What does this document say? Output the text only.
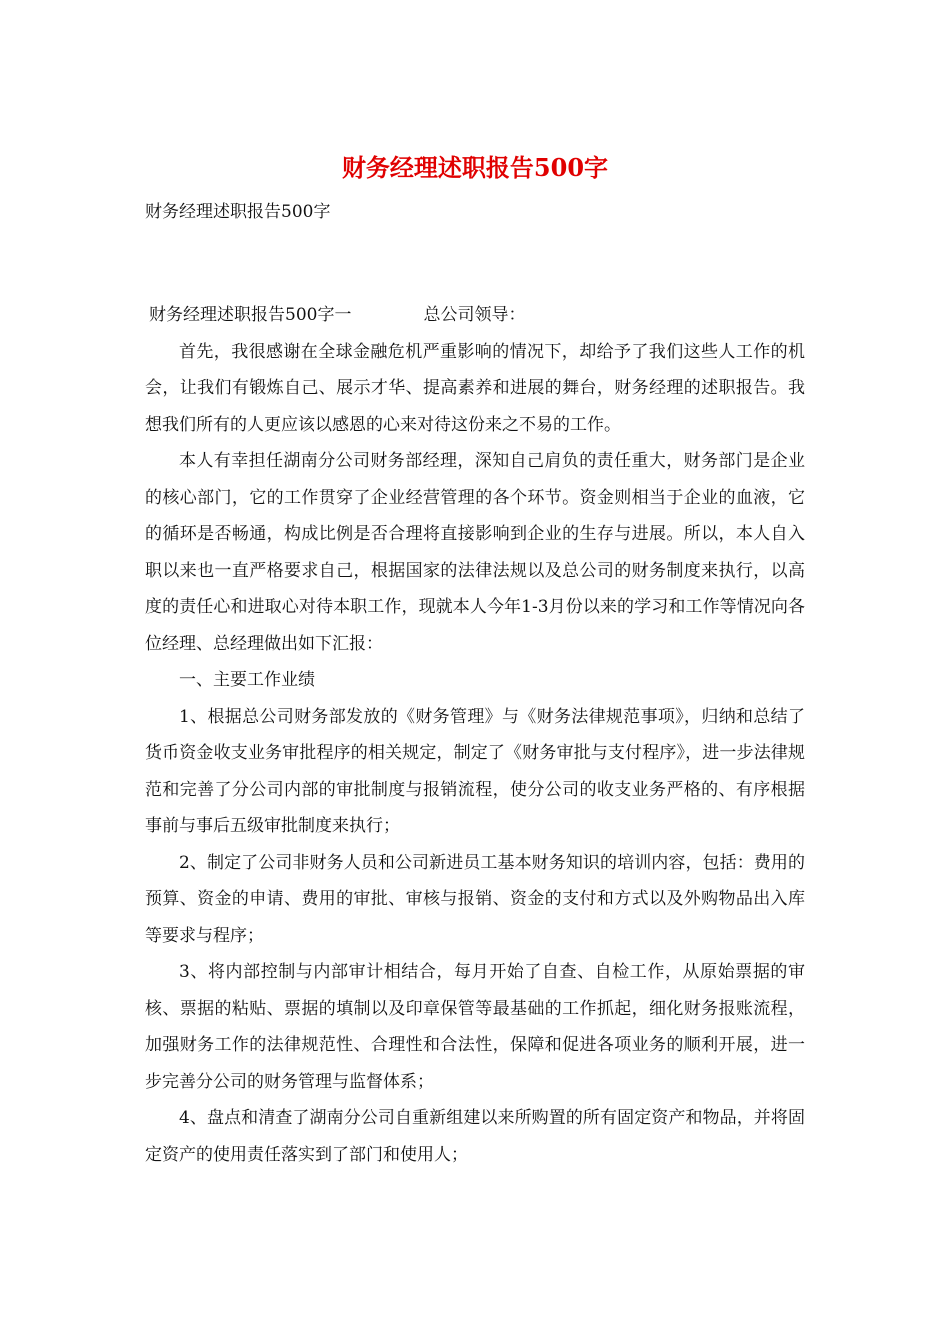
财务经理述职报告500字

财务经理述职报告500字

财务经理述职报告500字一	总公司领导：

首先，我很感谢在全球金融危机严重影响的情况下，却给予了我们这些人工作的机会，让我们有锻炼自己、展示才华、提高素养和进展的舞台，财务经理的述职报告。我想我们所有的人更应该以感恩的心来对待这份来之不易的工作。

本人有幸担任湖南分公司财务部经理，深知自己肩负的责任重大，财务部门是企业的核心部门，它的工作贯穿了企业经营管理的各个环节。资金则相当于企业的血液，它的循环是否畅通，构成比例是否合理将直接影响到企业的生存与进展。所以，本人自入职以来也一直严格要求自己，根据国家的法律法规以及总公司的财务制度来执行，以高度的责任心和进取心对待本职工作，现就本人今年1-3月份以来的学习和工作等情况向各位经理、总经理做出如下汇报：

一、主要工作业绩

1、根据总公司财务部发放的《财务管理》与《财务法律规范事项》，归纳和总结了货币资金收支业务审批程序的相关规定，制定了《财务审批与支付程序》，进一步法律规范和完善了分公司内部的审批制度与报销流程，使分公司的收支业务严格的、有序根据事前与事后五级审批制度来执行；

2、制定了公司非财务人员和公司新进员工基本财务知识的培训内容，包括：费用的预算、资金的申请、费用的审批、审核与报销、资金的支付和方式以及外购物品出入库等要求与程序；

3、将内部控制与内部审计相结合，每月开始了自查、自检工作，从原始票据的审核、票据的粘贴、票据的填制以及印章保管等最基础的工作抓起，细化财务报账流程，加强财务工作的法律规范性、合理性和合法性，保障和促进各项业务的顺利开展，进一步完善分公司的财务管理与监督体系；

4、盘点和清查了湖南分公司自重新组建以来所购置的所有固定资产和物品，并将固定资产的使用责任落实到了部门和使用人；
